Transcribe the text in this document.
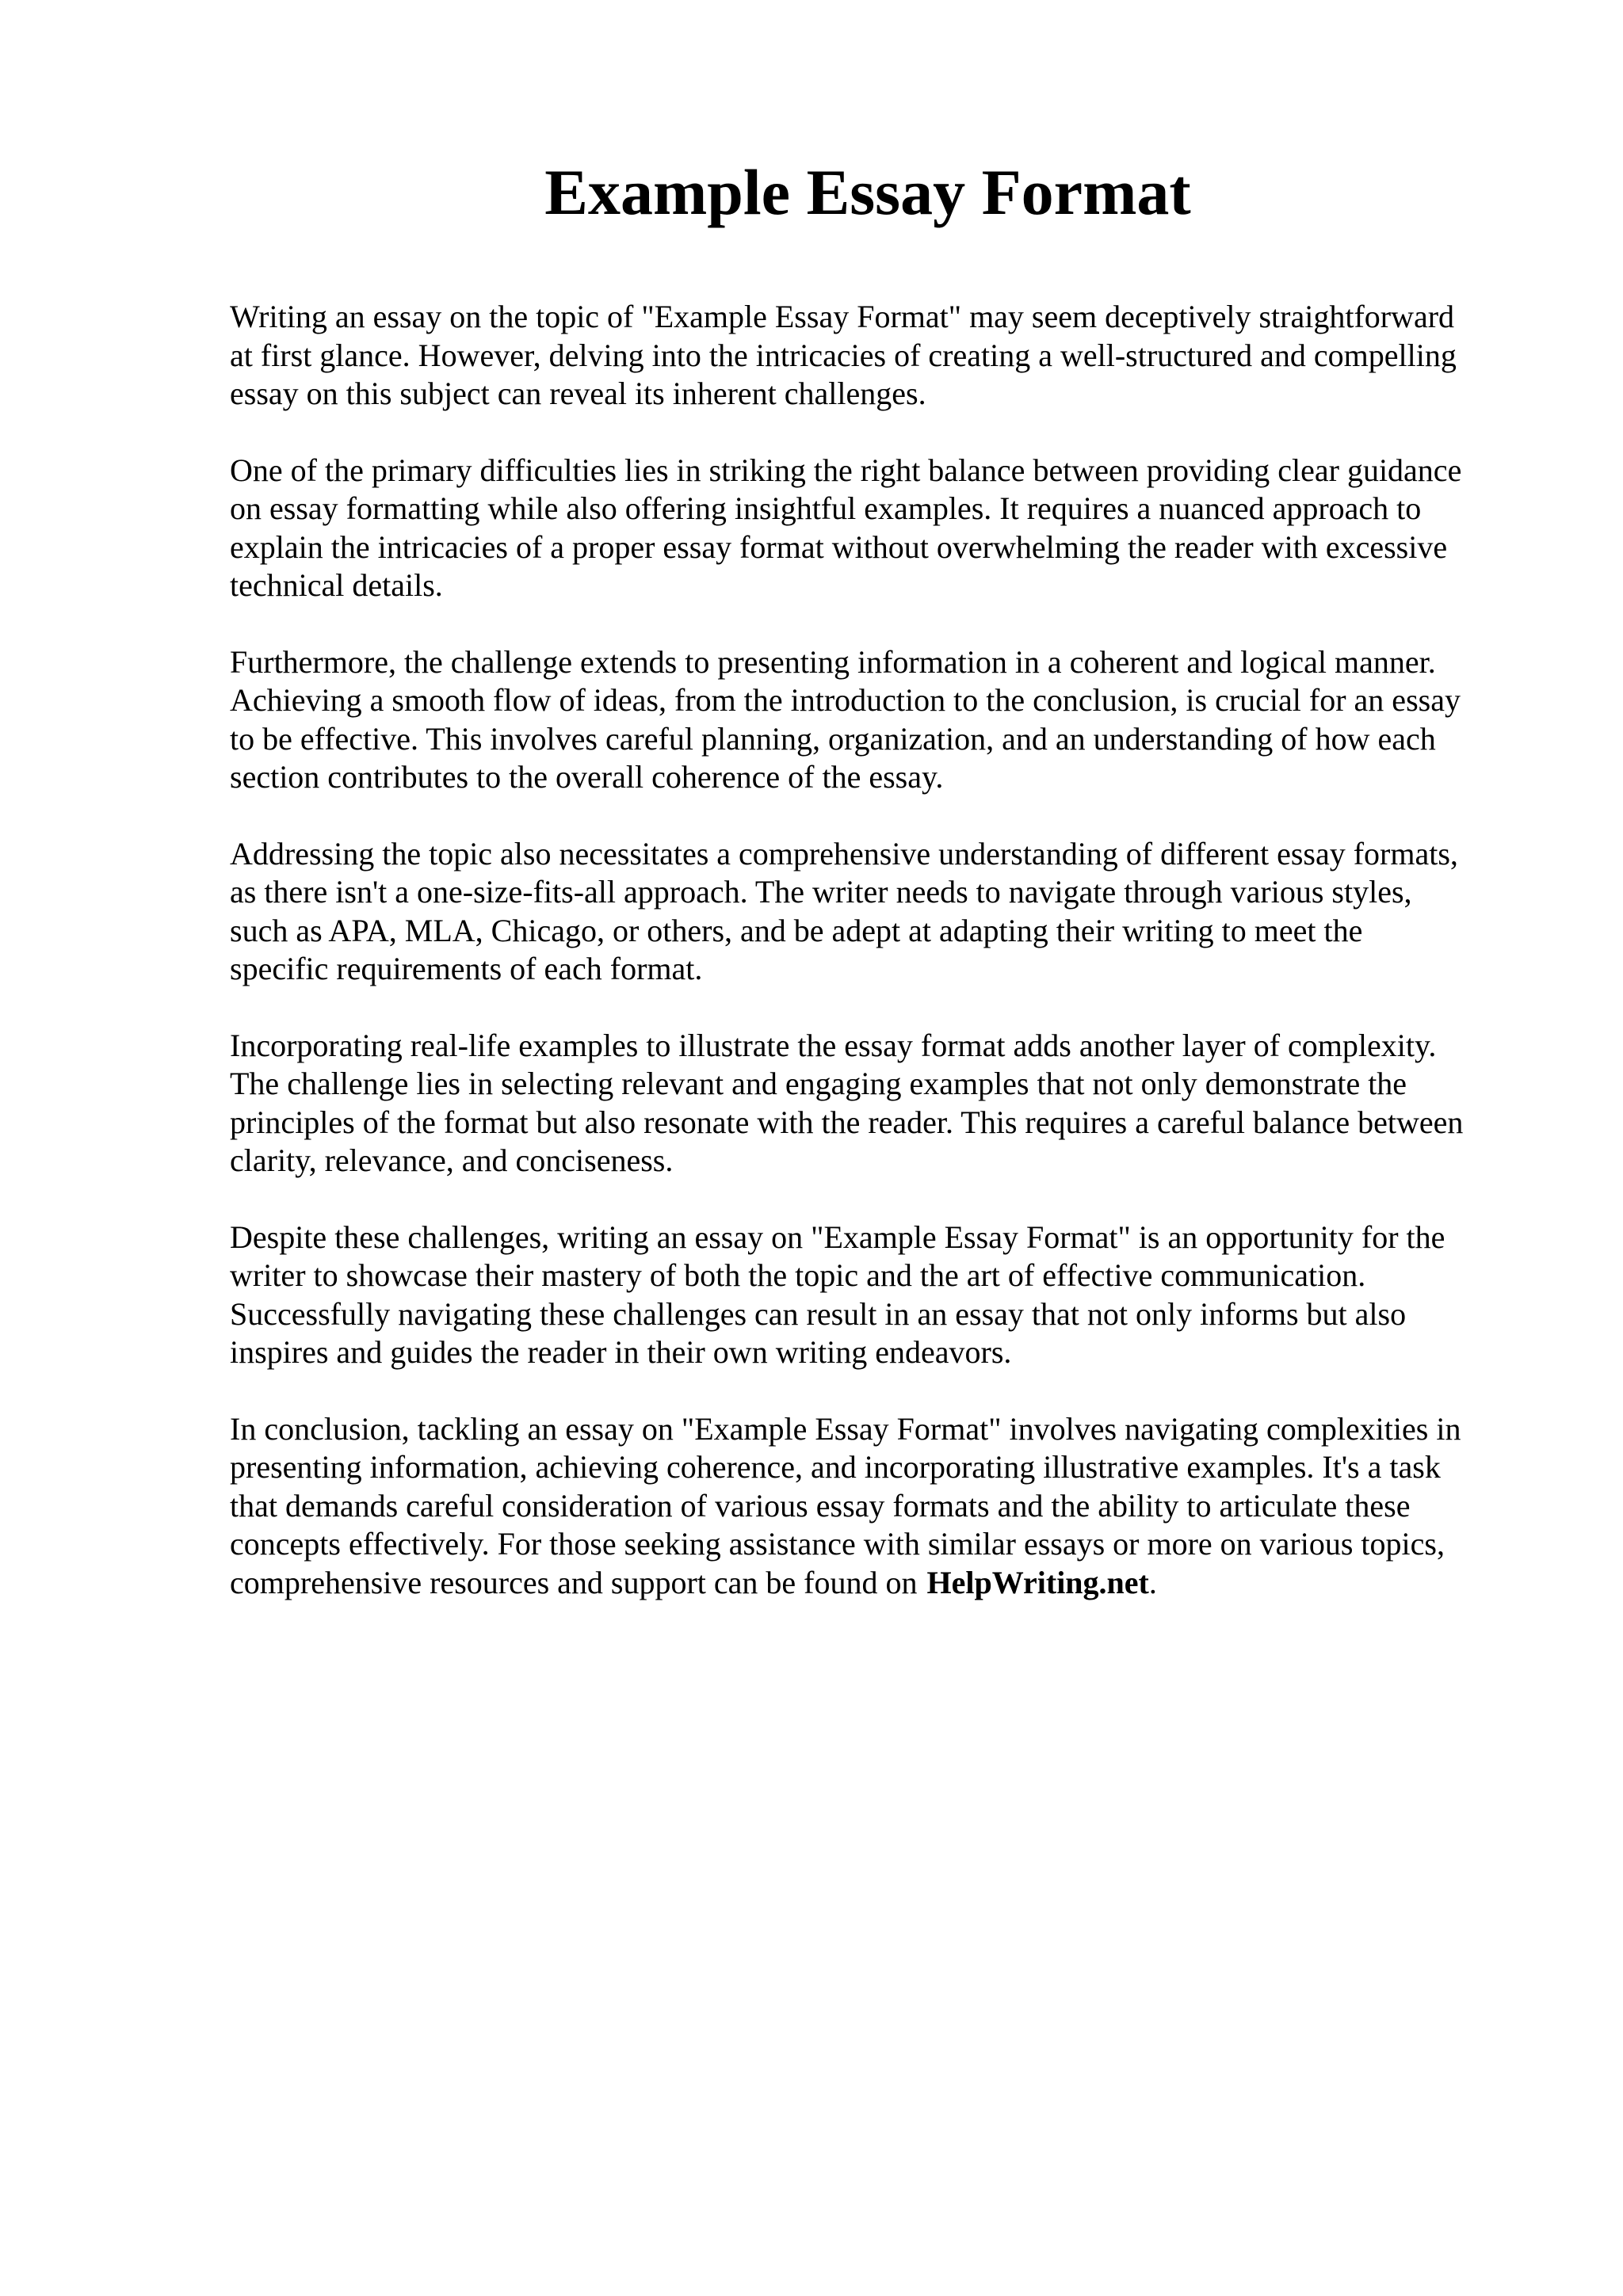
Example Essay Format

Writing an essay on the topic of "Example Essay Format" may seem deceptively straightforward
at first glance. However, delving into the intricacies of creating a well-structured and compelling
essay on this subject can reveal its inherent challenges.

One of the primary difficulties lies in striking the right balance between providing clear guidance
on essay formatting while also offering insightful examples. It requires a nuanced approach to
explain the intricacies of a proper essay format without overwhelming the reader with excessive
technical details.

Furthermore, the challenge extends to presenting information in a coherent and logical manner.
Achieving a smooth flow of ideas, from the introduction to the conclusion, is crucial for an essay
to be effective. This involves careful planning, organization, and an understanding of how each
section contributes to the overall coherence of the essay.

Addressing the topic also necessitates a comprehensive understanding of different essay formats,
as there isn't a one-size-fits-all approach. The writer needs to navigate through various styles,
such as APA, MLA, Chicago, or others, and be adept at adapting their writing to meet the
specific requirements of each format.

Incorporating real-life examples to illustrate the essay format adds another layer of complexity.
The challenge lies in selecting relevant and engaging examples that not only demonstrate the
principles of the format but also resonate with the reader. This requires a careful balance between
clarity, relevance, and conciseness.

Despite these challenges, writing an essay on "Example Essay Format" is an opportunity for the
writer to showcase their mastery of both the topic and the art of effective communication.
Successfully navigating these challenges can result in an essay that not only informs but also
inspires and guides the reader in their own writing endeavors.

In conclusion, tackling an essay on "Example Essay Format" involves navigating complexities in
presenting information, achieving coherence, and incorporating illustrative examples. It's a task
that demands careful consideration of various essay formats and the ability to articulate these
concepts effectively. For those seeking assistance with similar essays or more on various topics,
comprehensive resources and support can be found on HelpWriting.net.
